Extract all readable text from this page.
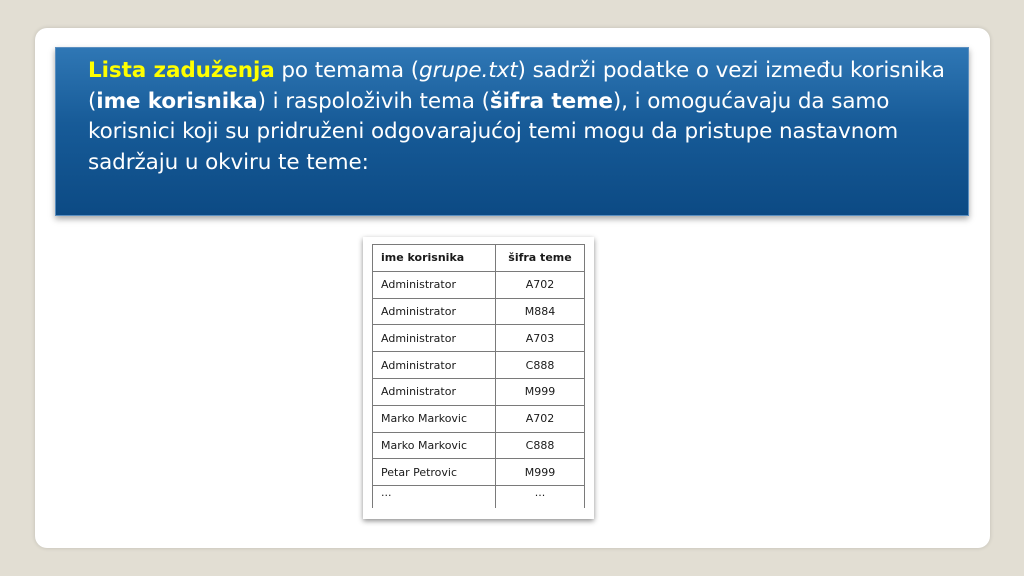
Lista zaduženja po temama (grupe.txt) sadrži podatke o vezi između korisnika (ime korisnika) i raspoloživih tema (šifra teme), i omogućavaju da samo korisnici koji su pridruženi odgovarajućoj temi mogu da pristupe nastavnom sadržaju u okviru te teme:
ime korisnika	šifra teme
Administrator	A702
Administrator	M884
Administrator	A703
Administrator	C888
Administrator	M999
Marko Markovic	A702
Marko Markovic	C888
Petar Petrovic	M999
...	...
